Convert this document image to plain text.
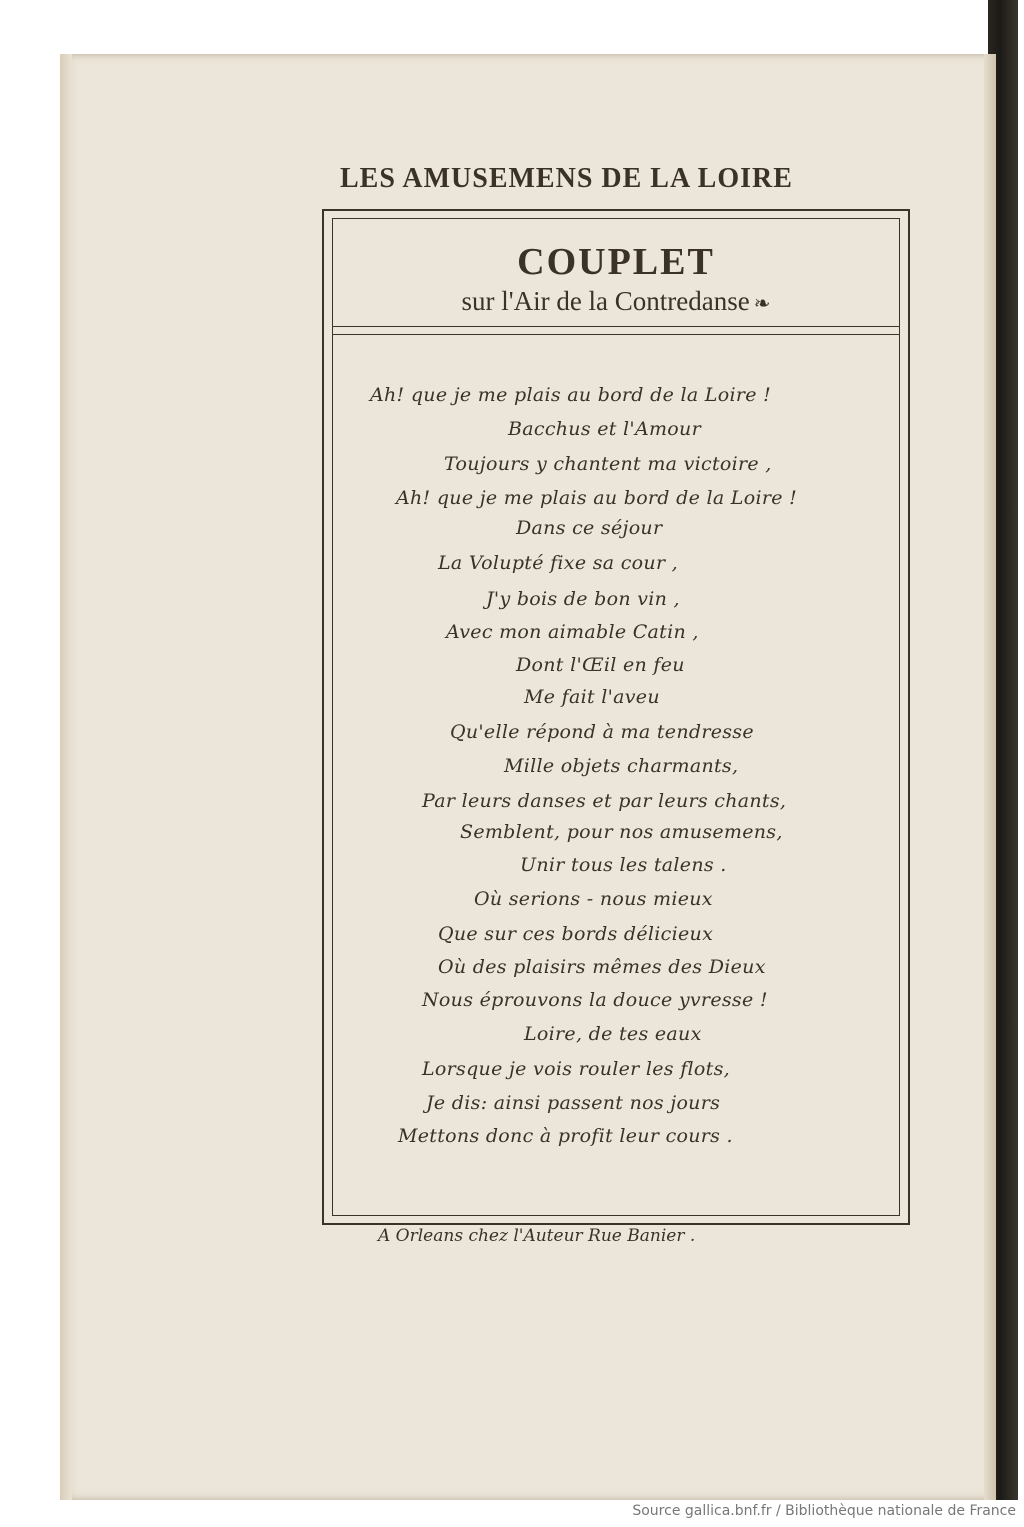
LES AMUSEMENS DE LA LOIRE
COUPLET
sur l'Air de la Contredanse ❧
Ah! que je me plais au bord de la Loire !
Bacchus et l'Amour
Toujours y chantent ma victoire ,
Ah! que je me plais au bord de la Loire !
Dans ce séjour
La Volupté fixe sa cour ,
J'y bois de bon vin ,
Avec mon aimable Catin ,
Dont l'Œil en feu
Me fait l'aveu
Qu'elle répond à ma tendresse
Mille objets charmants,
Par leurs danses et par leurs chants,
Semblent, pour nos amusemens,
Unir tous les talens .
Où serions - nous mieux
Que sur ces bords délicieux
Où des plaisirs mêmes des Dieux
Nous éprouvons la douce yvresse !
Loire, de tes eaux
Lorsque je vois rouler les flots,
Je dis: ainsi passent nos jours
Mettons donc à profit leur cours .
A Orleans chez l'Auteur Rue Banier .
Source gallica.bnf.fr / Bibliothèque nationale de France
